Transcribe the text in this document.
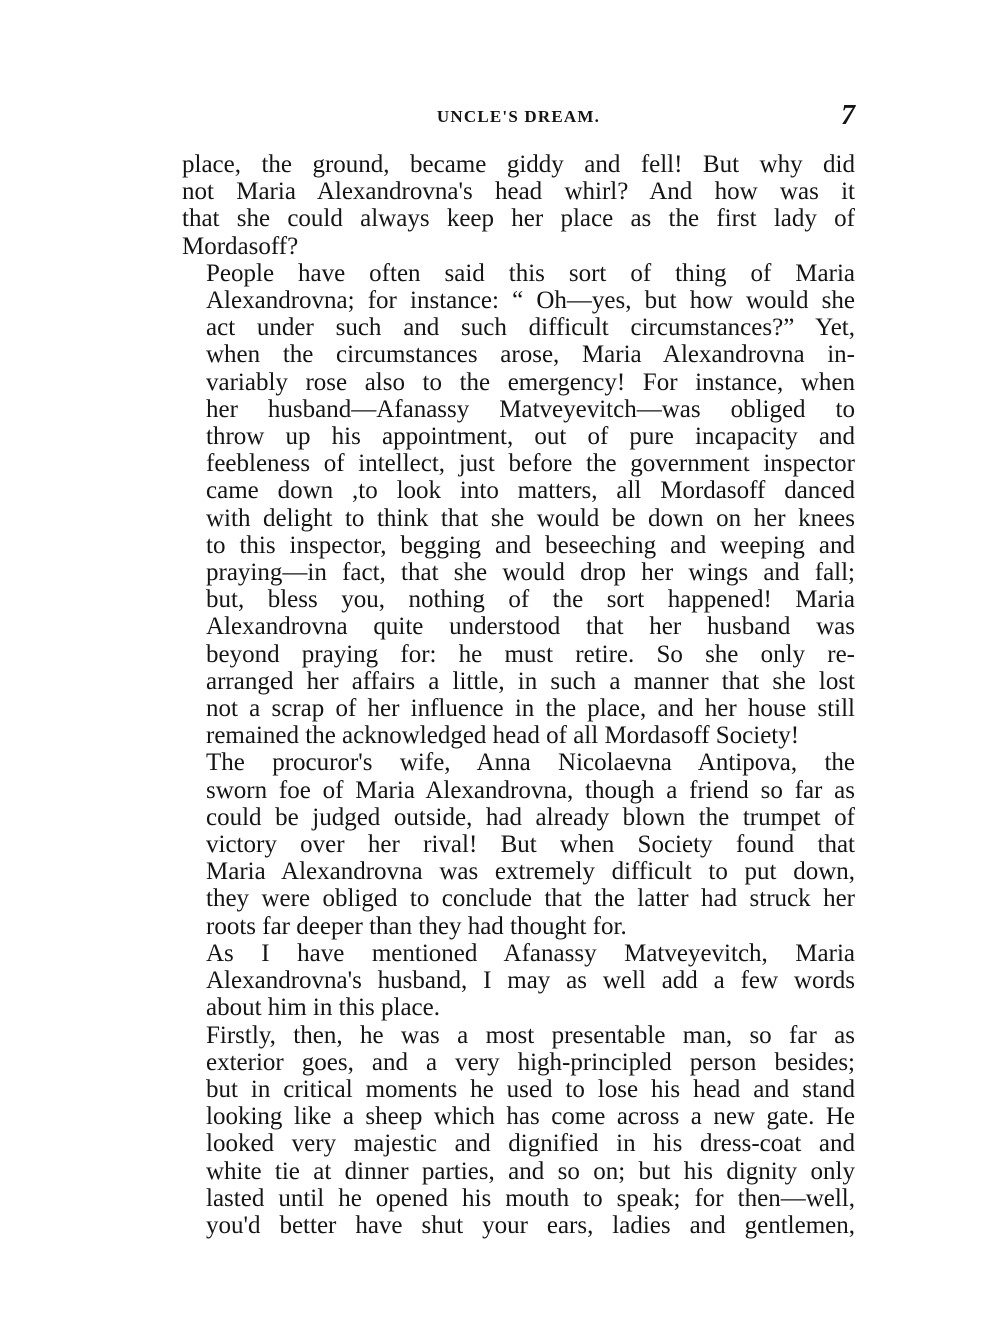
UNCLE'S DREAM.	7
place, the ground, became giddy and fell! But why did
not Maria Alexandrovna's head whirl? And how was it
that she could always keep her place as the first lady of
Mordasoff?
People have often said this sort of thing of Maria
Alexandrovna; for instance: “ Oh—yes, but how would she
act under such and such difficult circumstances?” Yet,
when the circumstances arose, Maria Alexandrovna in-
variably rose also to the emergency! For instance, when
her husband—Afanassy Matveyevitch—was obliged to
throw up his appointment, out of pure incapacity and
feebleness of intellect, just before the government inspector
came down ,to look into matters, all Mordasoff danced
with delight to think that she would be down on her knees
to this inspector, begging and beseeching and weeping and
praying—in fact, that she would drop her wings and fall;
but, bless you, nothing of the sort happened! Maria
Alexandrovna quite understood that her husband was
beyond praying for: he must retire. So she only re-
arranged her affairs a little, in such a manner that she lost
not a scrap of her influence in the place, and her house still
remained the acknowledged head of all Mordasoff Society!
The procuror's wife, Anna Nicolaevna Antipova, the
sworn foe of Maria Alexandrovna, though a friend so far as
could be judged outside, had already blown the trumpet of
victory over her rival! But when Society found that
Maria Alexandrovna was extremely difficult to put down,
they were obliged to conclude that the latter had struck her
roots far deeper than they had thought for.
As I have mentioned Afanassy Matveyevitch, Maria
Alexandrovna's husband, I may as well add a few words
about him in this place.
Firstly, then, he was a most presentable man, so far as
exterior goes, and a very high-principled person besides;
but in critical moments he used to lose his head and stand
looking like a sheep which has come across a new gate. He
looked very majestic and dignified in his dress-coat and
white tie at dinner parties, and so on; but his dignity only
lasted until he opened his mouth to speak; for then—well,
you'd better have shut your ears, ladies and gentlemen,
